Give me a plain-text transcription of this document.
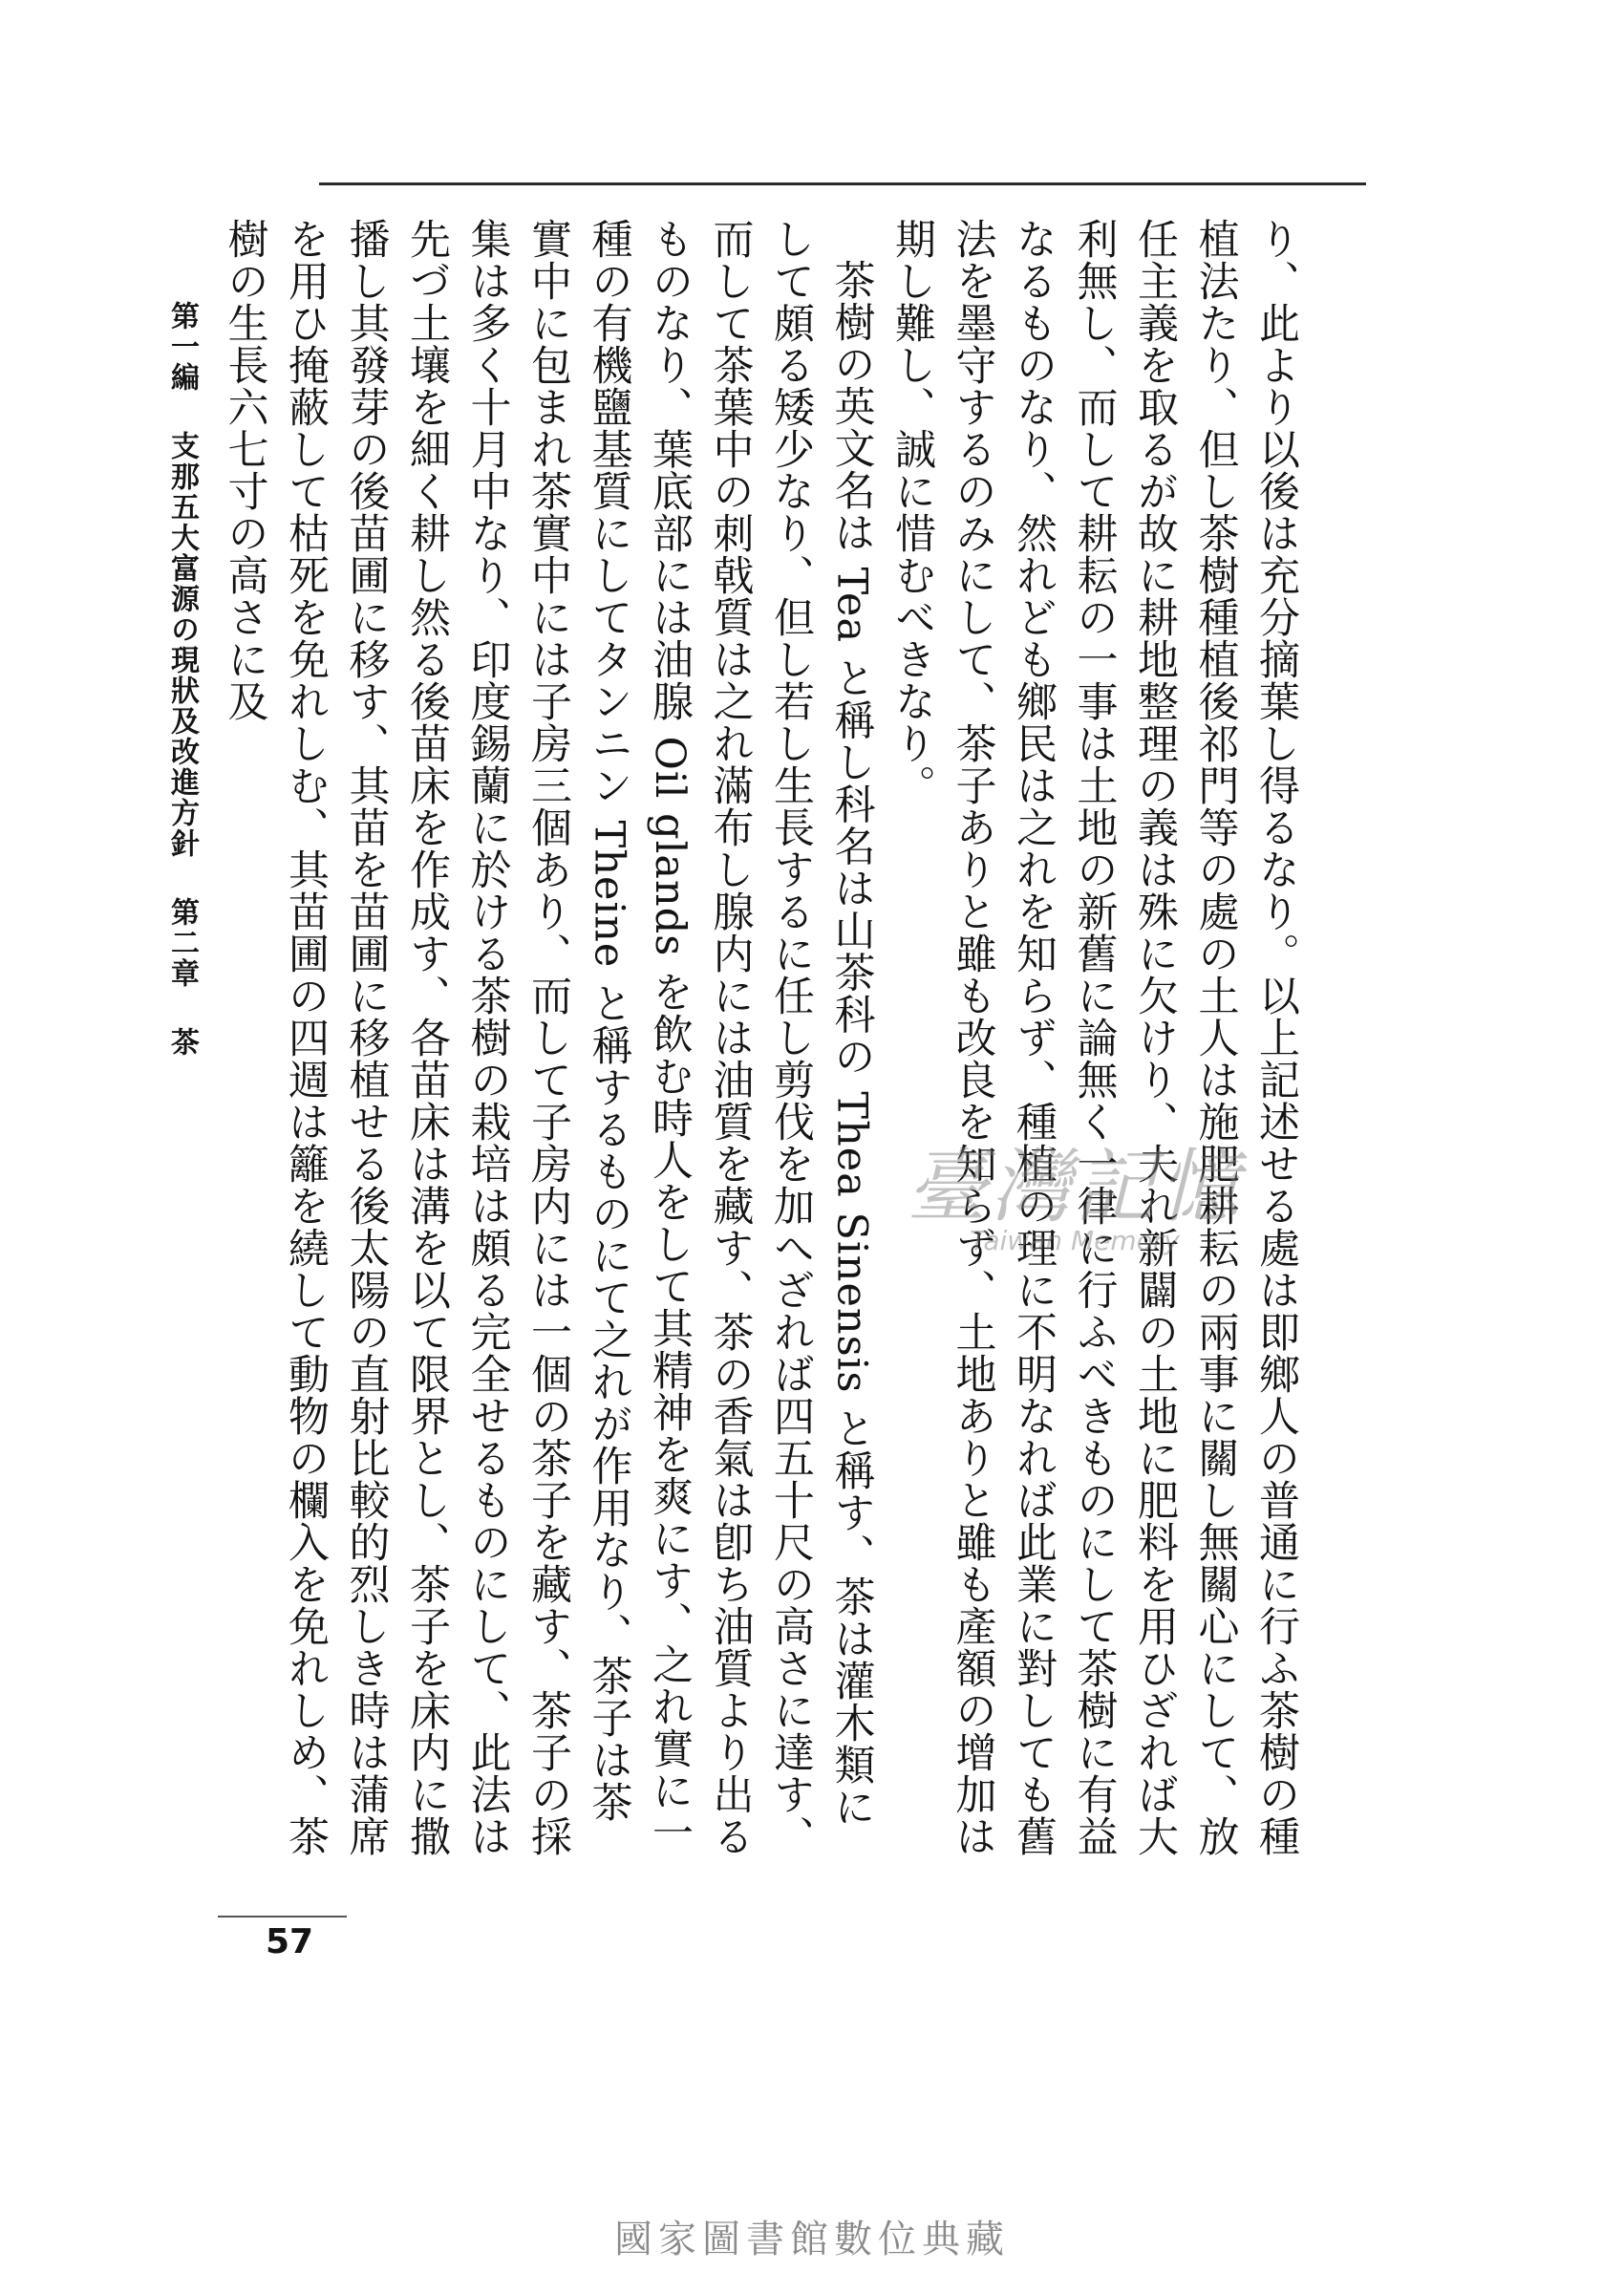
り、此より以後は充分摘葉し得るなり。以上記述せる處は即鄉人の普通に行ふ茶樹の種植法たり、但し茶樹種植後祁門等の處の土人は施肥耕耘の兩事に關し無關心にして、放任主義を取るが故に耕地整理の義は殊に欠けり、夫れ新闢の土地に肥料を用ひざれば大利無し、而して耕耘の一事は土地の新舊に論無く一律に行ふべきものにして茶樹に有益なるものなり、然れども鄉民は之れを知らず、種植の理に不明なれば此業に對しても舊法を墨守するのみにして、茶子ありと雖も改良を知らず、土地ありと雖も產額の增加は期し難し、誠に惜むべきなり。

茶樹の英文名は Tea と稱し科名は山茶科の Thea Sinensis と稱す、茶は灌木類にして頗る矮少なり、但し若し生長するに任し剪伐を加へざれば四五十尺の高さに達す、而して茶葉中の刺戟質は之れ滿布し腺内には油質を藏す、茶の香氣は卽ち油質より出るものなり、葉底部には油腺 Oil glands を飲む時人をして其精神を爽にす、之れ實に一種の有機鹽基質にしてタンニン Theine と稱するものにて之れが作用なり、茶子は茶實中に包まれ茶實中には子房三個あり、而して子房内には一個の茶子を藏す、茶子の採集は多く十月中なり、印度錫蘭に於ける茶樹の栽培は頗る完全せるものにして、此法は先づ土壤を細く耕し然る後苗床を作成す、各苗床は溝を以て限界とし、茶子を床内に撒播し其發芽の後苗圃に移す、其苗を苗圃に移植せる後太陽の直射比較的烈しき時は蒲席を用ひ掩蔽して枯死を免れしむ、其苗圃の四週は籬を繞して動物の欄入を免れしめ、茶樹の生長六七寸の高さに及

第一編支那五大富源の現狀及改進方針第二章茶
57
臺灣記憶
Taiwan Memory
國家圖書館數位典藏
